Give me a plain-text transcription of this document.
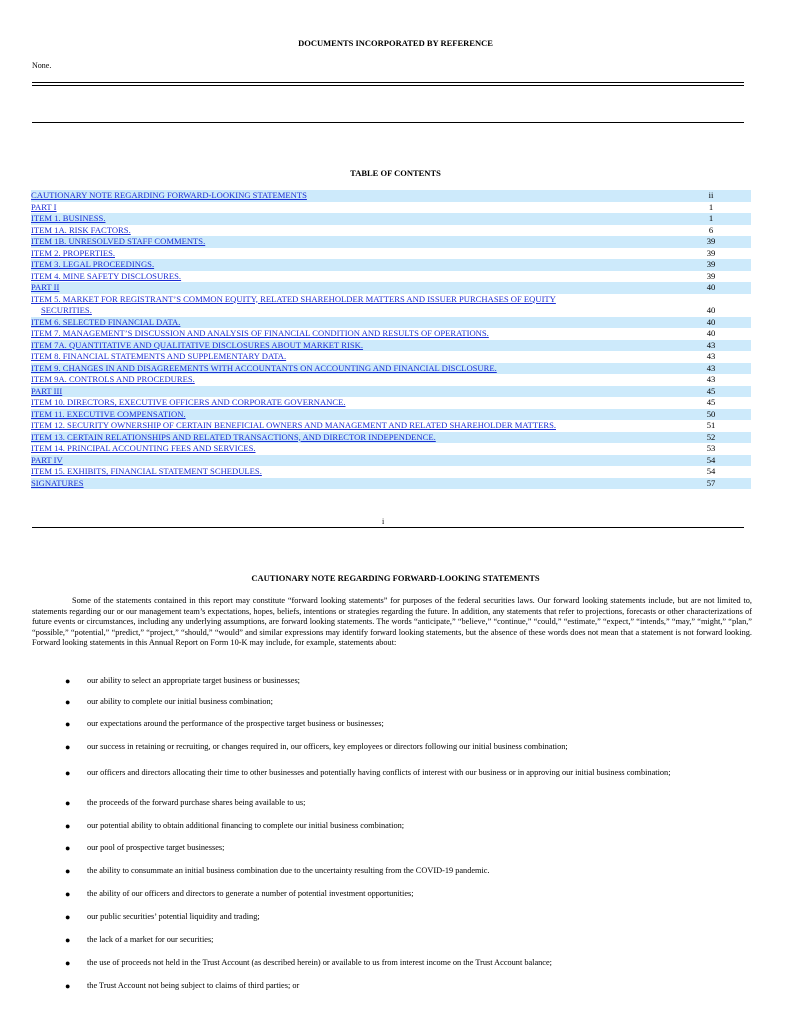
DOCUMENTS INCORPORATED BY REFERENCE
None.
TABLE OF CONTENTS
CAUTIONARY NOTE REGARDING FORWARD-LOOKING STATEMENTS	ii
PART I	1
ITEM 1. BUSINESS.	1
ITEM 1A. RISK FACTORS.	6
ITEM 1B. UNRESOLVED STAFF COMMENTS.	39
ITEM 2. PROPERTIES.	39
ITEM 3. LEGAL PROCEEDINGS.	39
ITEM 4. MINE SAFETY DISCLOSURES.	39
PART II	40
ITEM 5. MARKET FOR REGISTRANT’S COMMON EQUITY, RELATED SHAREHOLDER MATTERS AND ISSUER PURCHASES OF EQUITY
SECURITIES.	40
ITEM 6. SELECTED FINANCIAL DATA.	40
ITEM 7. MANAGEMENT’S DISCUSSION AND ANALYSIS OF FINANCIAL CONDITION AND RESULTS OF OPERATIONS.	40
ITEM 7A. QUANTITATIVE AND QUALITATIVE DISCLOSURES ABOUT MARKET RISK.	43
ITEM 8. FINANCIAL STATEMENTS AND SUPPLEMENTARY DATA.	43
ITEM 9. CHANGES IN AND DISAGREEMENTS WITH ACCOUNTANTS ON ACCOUNTING AND FINANCIAL DISCLOSURE.	43
ITEM 9A. CONTROLS AND PROCEDURES.	43
PART III	45
ITEM 10. DIRECTORS, EXECUTIVE OFFICERS AND CORPORATE GOVERNANCE.	45
ITEM 11. EXECUTIVE COMPENSATION.	50
ITEM 12. SECURITY OWNERSHIP OF CERTAIN BENEFICIAL OWNERS AND MANAGEMENT AND RELATED SHAREHOLDER MATTERS.	51
ITEM 13. CERTAIN RELATIONSHIPS AND RELATED TRANSACTIONS, AND DIRECTOR INDEPENDENCE.	52
ITEM 14. PRINCIPAL ACCOUNTING FEES AND SERVICES.	53
PART IV	54
ITEM 15. EXHIBITS, FINANCIAL STATEMENT SCHEDULES.	54
SIGNATURES	57
i
CAUTIONARY NOTE REGARDING FORWARD-LOOKING STATEMENTS
Some of the statements contained in this report may constitute “forward looking statements” for purposes of the federal securities laws. Our forward looking statements include, but are not limited to, statements regarding our or our management team’s expectations, hopes, beliefs, intentions or strategies regarding the future. In addition, any statements that refer to projections, forecasts or other characterizations of future events or circumstances, including any underlying assumptions, are forward looking statements. The words “anticipate,” “believe,” “continue,” “could,” “estimate,” “expect,” “intends,” “may,” “might,” “plan,” “possible,” “potential,” “predict,” “project,” “should,” “would” and similar expressions may identify forward looking statements, but the absence of these words does not mean that a statement is not forward looking. Forward looking statements in this Annual Report on Form 10-K may include, for example, statements about:
● our ability to select an appropriate target business or businesses;
● our ability to complete our initial business combination;
● our expectations around the performance of the prospective target business or businesses;
● our success in retaining or recruiting, or changes required in, our officers, key employees or directors following our initial business combination;
● our officers and directors allocating their time to other businesses and potentially having conflicts of interest with our business or in approving our initial business combination;
● the proceeds of the forward purchase shares being available to us;
● our potential ability to obtain additional financing to complete our initial business combination;
● our pool of prospective target businesses;
● the ability to consummate an initial business combination due to the uncertainty resulting from the COVID-19 pandemic.
● the ability of our officers and directors to generate a number of potential investment opportunities;
● our public securities’ potential liquidity and trading;
● the lack of a market for our securities;
● the use of proceeds not held in the Trust Account (as described herein) or available to us from interest income on the Trust Account balance;
● the Trust Account not being subject to claims of third parties; or
